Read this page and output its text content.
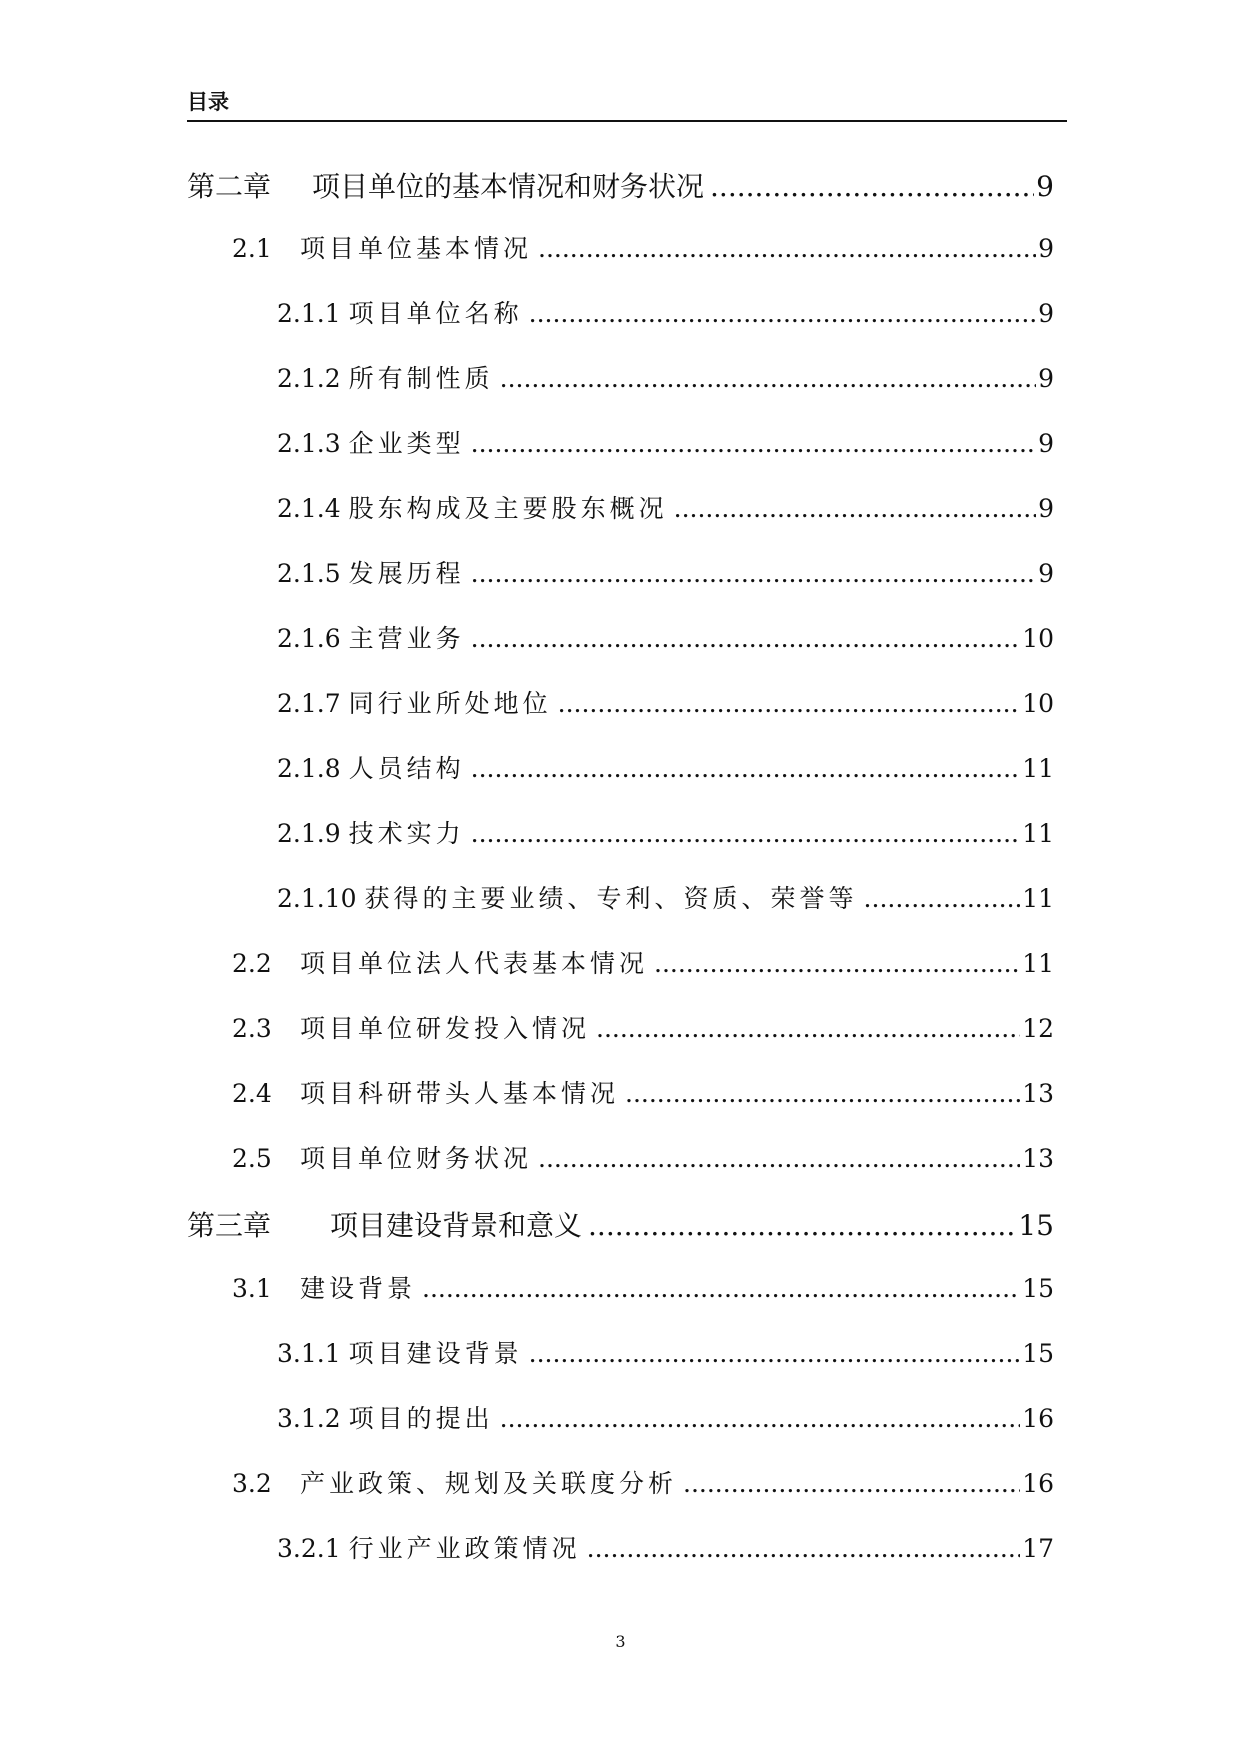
目录
第二章	项目单位的基本情况和财务状况 .....	9
2.1	项目单位基本情况 .....	9
2.1.1 项目单位名称 .....	9
2.1.2 所有制性质 .....	9
2.1.3 企业类型 .....	9
2.1.4 股东构成及主要股东概况 .....	9
2.1.5 发展历程 .....	9
2.1.6 主营业务 .....	10
2.1.7 同行业所处地位 .....	10
2.1.8 人员结构 .....	11
2.1.9 技术实力 .....	11
2.1.10 获得的主要业绩、专利、资质、荣誉等 .....	11
2.2	项目单位法人代表基本情况 .....	11
2.3	项目单位研发投入情况 .....	12
2.4	项目科研带头人基本情况 .....	13
2.5	项目单位财务状况 .....	13
第三章	项目建设背景和意义 .....	15
3.1	建设背景 .....	15
3.1.1 项目建设背景 .....	15
3.1.2 项目的提出 .....	16
3.2	产业政策、规划及关联度分析 .....	16
3.2.1 行业产业政策情况 .....	17
3
